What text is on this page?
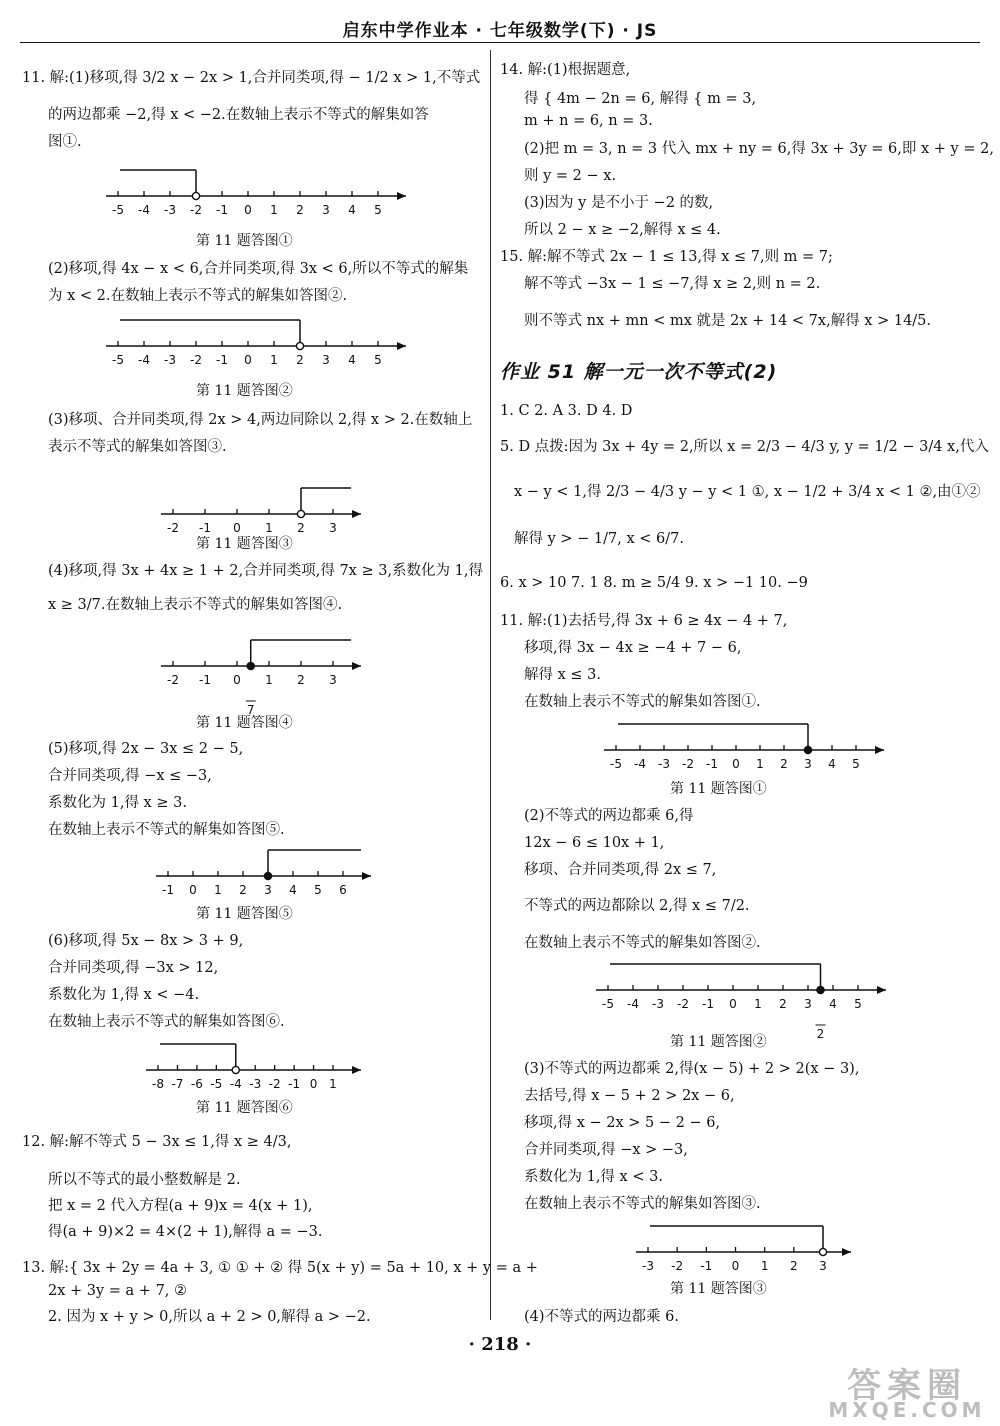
启东中学作业本 · 七年级数学(下) · JS
11. 解:(1)移项,得 3/2 x − 2x > 1,合并同类项,得 − 1/2 x > 1,不等式
的两边都乘 −2,得 x < −2.在数轴上表示不等式的解集如答
图①.
-5 -4 -3 -2 -1 0 1 2 3 4 5
第 11 题答图①
(2)移项,得 4x − x < 6,合并同类项,得 3x < 6,所以不等式的解集
为 x < 2.在数轴上表示不等式的解集如答图②.
-5 -4 -3 -2 -1 0 1 2 3 4 5
第 11 题答图②
(3)移项、合并同类项,得 2x > 4,两边同除以 2,得 x > 2.在数轴上
表示不等式的解集如答图③.
-2 -1 0 1 2 3
第 11 题答图③
(4)移项,得 3x + 4x ≥ 1 + 2,合并同类项,得 7x ≥ 3,系数化为 1,得
x ≥ 3/7.在数轴上表示不等式的解集如答图④.
-2 -1 0 1 2 3
7
第 11 题答图④
(5)移项,得 2x − 3x ≤ 2 − 5,
合并同类项,得 −x ≤ −3,
系数化为 1,得 x ≥ 3.
在数轴上表示不等式的解集如答图⑤.
-1 0 1 2 3 4 5 6
第 11 题答图⑤
(6)移项,得 5x − 8x > 3 + 9,
合并同类项,得 −3x > 12,
系数化为 1,得 x < −4.
在数轴上表示不等式的解集如答图⑥.
-8 -7 -6 -5 -4 -3 -2 -1 0 1
第 11 题答图⑥
12. 解:解不等式 5 − 3x ≤ 1,得 x ≥ 4/3,
所以不等式的最小整数解是 2.
把 x = 2 代入方程(a + 9)x = 4(x + 1),
得(a + 9)×2 = 4×(2 + 1),解得 a = −3.
13. 解:{ 3x + 2y = 4a + 3, ① ① + ② 得 5(x + y) = 5a + 10, x + y = a +
2x + 3y = a + 7, ②
2. 因为 x + y > 0,所以 a + 2 > 0,解得 a > −2.
14. 解:(1)根据题意,
得 { 4m − 2n = 6, 解得 { m = 3,
m + n = 6, n = 3.
(2)把 m = 3, n = 3 代入 mx + ny = 6,得 3x + 3y = 6,即 x + y = 2,
则 y = 2 − x.
(3)因为 y 是不小于 −2 的数,
所以 2 − x ≥ −2,解得 x ≤ 4.
15. 解:解不等式 2x − 1 ≤ 13,得 x ≤ 7,则 m = 7;
解不等式 −3x − 1 ≤ −7,得 x ≥ 2,则 n = 2.
则不等式 nx + mn < mx 就是 2x + 14 < 7x,解得 x > 14/5.
作业 51 解一元一次不等式(2)
1. C 2. A 3. D 4. D
5. D 点拨:因为 3x + 4y = 2,所以 x = 2/3 − 4/3 y, y = 1/2 − 3/4 x,代入
x − y < 1,得 2/3 − 4/3 y − y < 1 ①, x − 1/2 + 3/4 x < 1 ②,由①②
解得 y > − 1/7, x < 6/7.
6. x > 10 7. 1 8. m ≥ 5/4 9. x > −1 10. −9
11. 解:(1)去括号,得 3x + 6 ≥ 4x − 4 + 7,
移项,得 3x − 4x ≥ −4 + 7 − 6,
解得 x ≤ 3.
在数轴上表示不等式的解集如答图①.
-5 -4 -3 -2 -1 0 1 2 3 4 5
第 11 题答图①
(2)不等式的两边都乘 6,得
12x − 6 ≤ 10x + 1,
移项、合并同类项,得 2x ≤ 7,
不等式的两边都除以 2,得 x ≤ 7/2.
在数轴上表示不等式的解集如答图②.
-5 -4 -3 -2 -1 0 1 2 3 4 5
2
第 11 题答图②
(3)不等式的两边都乘 2,得(x − 5) + 2 > 2(x − 3),
去括号,得 x − 5 + 2 > 2x − 6,
移项,得 x − 2x > 5 − 2 − 6,
合并同类项,得 −x > −3,
系数化为 1,得 x < 3.
在数轴上表示不等式的解集如答图③.
-3 -2 -1 0 1 2 3
第 11 题答图③
(4)不等式的两边都乘 6.
· 218 ·
答案圈
MXQE.COM
